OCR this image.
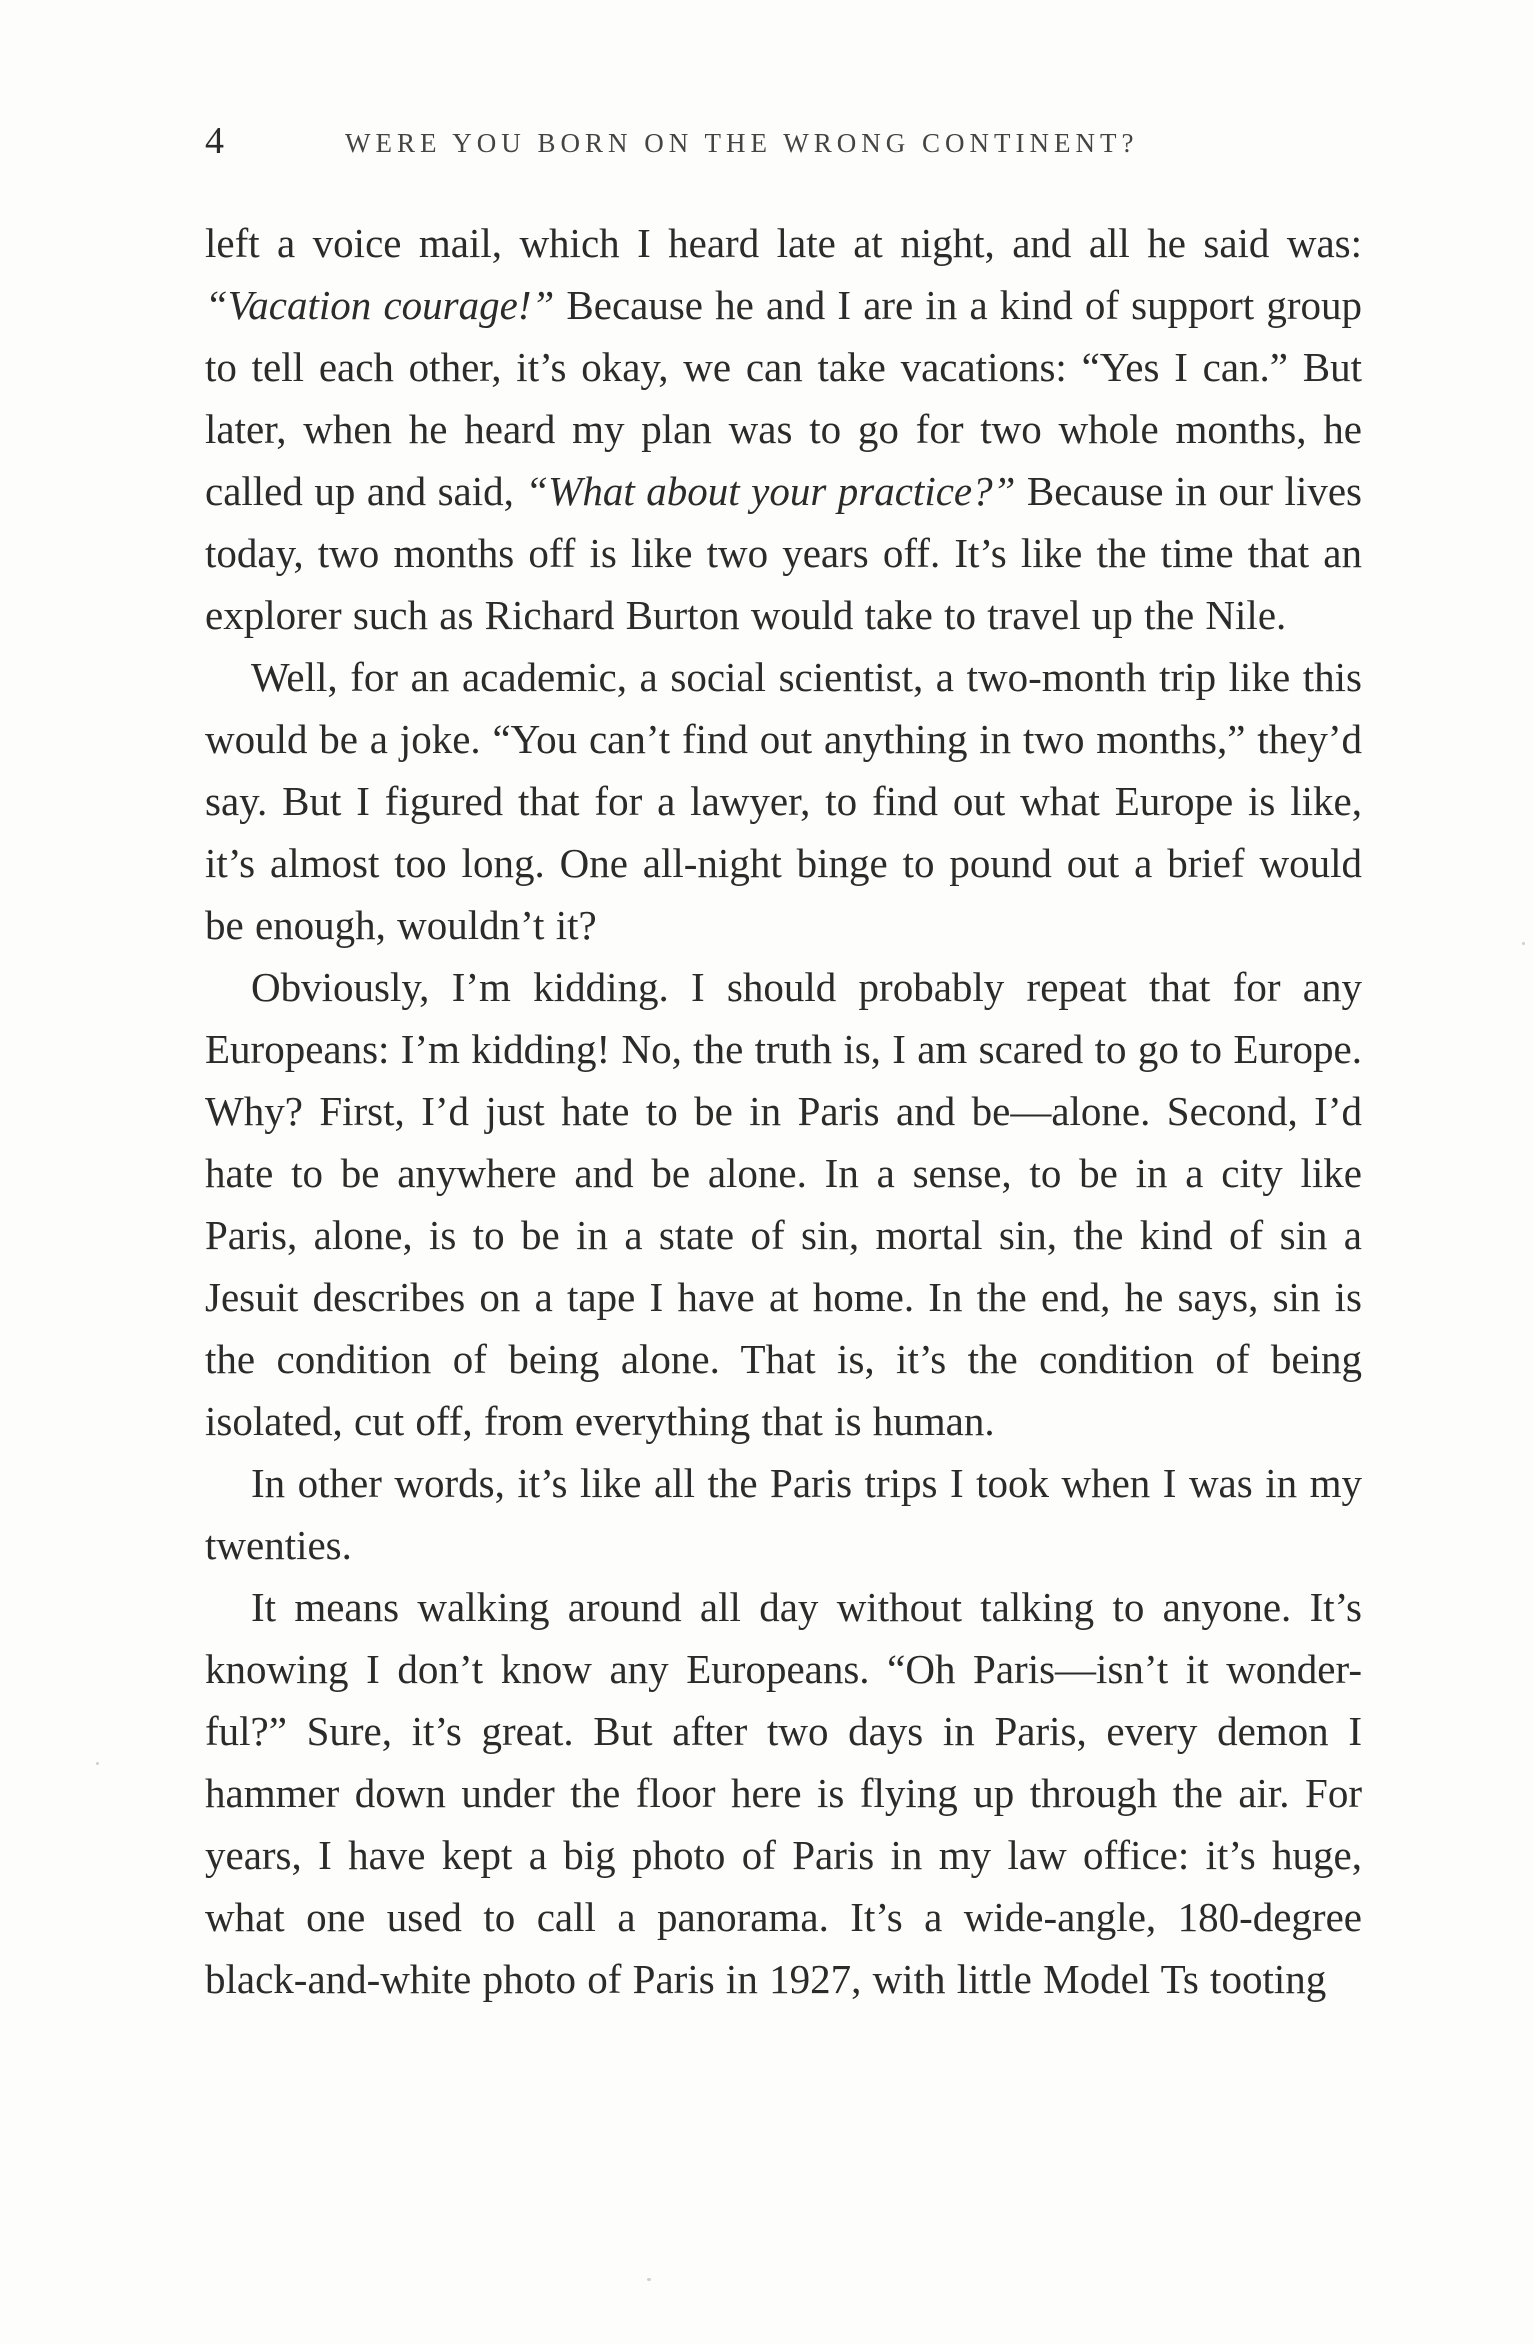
4	WERE YOU BORN ON THE WRONG CONTINENT?

left a voice mail, which I heard late at night, and all he said was: “Vacation courage!” Because he and I are in a kind of support group to tell each other, it’s okay, we can take vacations: “Yes I can.” But later, when he heard my plan was to go for two whole months, he called up and said, “What about your practice?” Because in our lives today, two months off is like two years off. It’s like the time that an explorer such as Richard Burton would take to travel up the Nile.

Well, for an academic, a social scientist, a two-month trip like this would be a joke. “You can’t find out anything in two months,” they’d say. But I figured that for a lawyer, to find out what Europe is like, it’s almost too long. One all-night binge to pound out a brief would be enough, wouldn’t it?

Obviously, I’m kidding. I should probably repeat that for any Europeans: I’m kidding! No, the truth is, I am scared to go to Europe. Why? First, I’d just hate to be in Paris and be—alone. Second, I’d hate to be anywhere and be alone. In a sense, to be in a city like Paris, alone, is to be in a state of sin, mortal sin, the kind of sin a Jesuit describes on a tape I have at home. In the end, he says, sin is the condition of being alone. That is, it’s the condition of being isolated, cut off, from everything that is human.

In other words, it’s like all the Paris trips I took when I was in my twenties.

It means walking around all day without talking to anyone. It’s knowing I don’t know any Europeans. “Oh Paris—isn’t it wonder-ful?” Sure, it’s great. But after two days in Paris, every demon I hammer down under the floor here is flying up through the air. For years, I have kept a big photo of Paris in my law office: it’s huge, what one used to call a panorama. It’s a wide-angle, 180-degree black-and-white photo of Paris in 1927, with little Model Ts tooting
